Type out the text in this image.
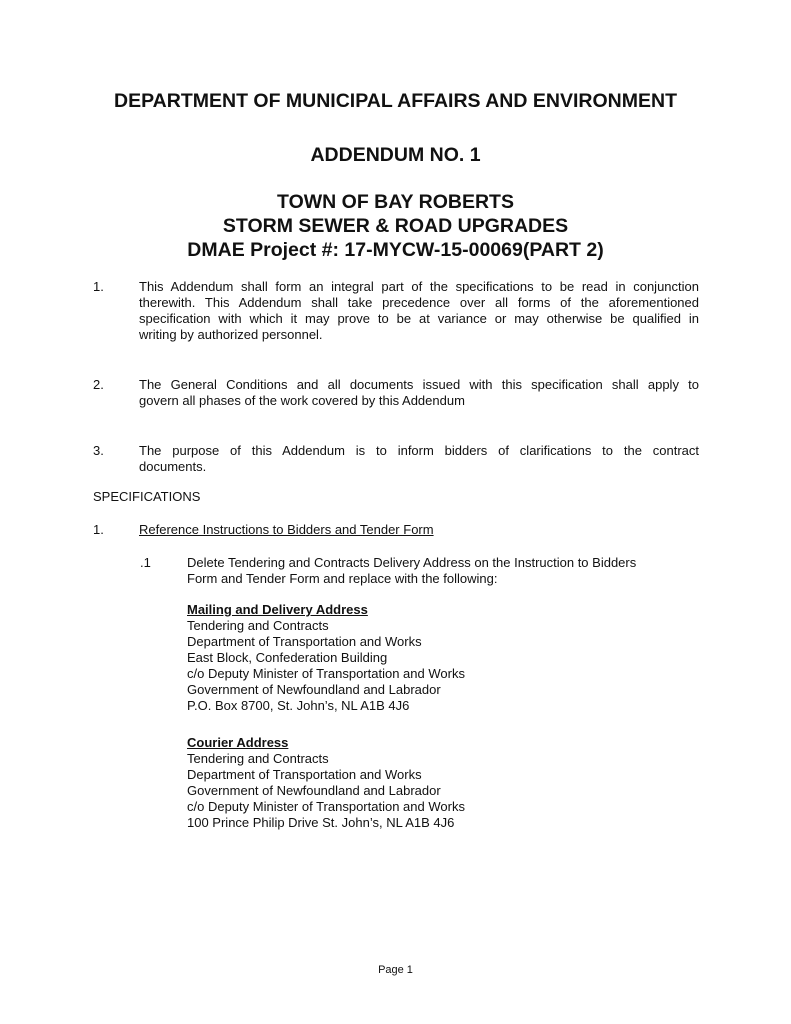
DEPARTMENT OF MUNICIPAL AFFAIRS AND ENVIRONMENT
ADDENDUM NO. 1
TOWN OF BAY ROBERTS
STORM SEWER & ROAD UPGRADES
DMAE Project #: 17-MYCW-15-00069(PART 2)
1.	This Addendum shall form an integral part of the specifications to be read in conjunction
therewith. This Addendum shall take precedence over all forms of the aforementioned
specification with which it may prove to be at variance or may otherwise be qualified in
writing by authorized personnel.
2.	The General Conditions and all documents issued with this specification shall apply to
govern all phases of the work covered by this Addendum
3.	The purpose of this Addendum is to inform bidders of clarifications to the contract
documents.
SPECIFICATIONS
1.	Reference Instructions to Bidders and Tender Form
.1	Delete Tendering and Contracts Delivery Address on the Instruction to Bidders
Form and Tender Form and replace with the following:
Mailing and Delivery Address
Tendering and Contracts
Department of Transportation and Works
East Block, Confederation Building
c/o Deputy Minister of Transportation and Works
Government of Newfoundland and Labrador
P.O. Box 8700, St. John’s, NL A1B 4J6
Courier Address
Tendering and Contracts
Department of Transportation and Works
Government of Newfoundland and Labrador
c/o Deputy Minister of Transportation and Works
100 Prince Philip Drive St. John’s, NL A1B 4J6
Page 1
